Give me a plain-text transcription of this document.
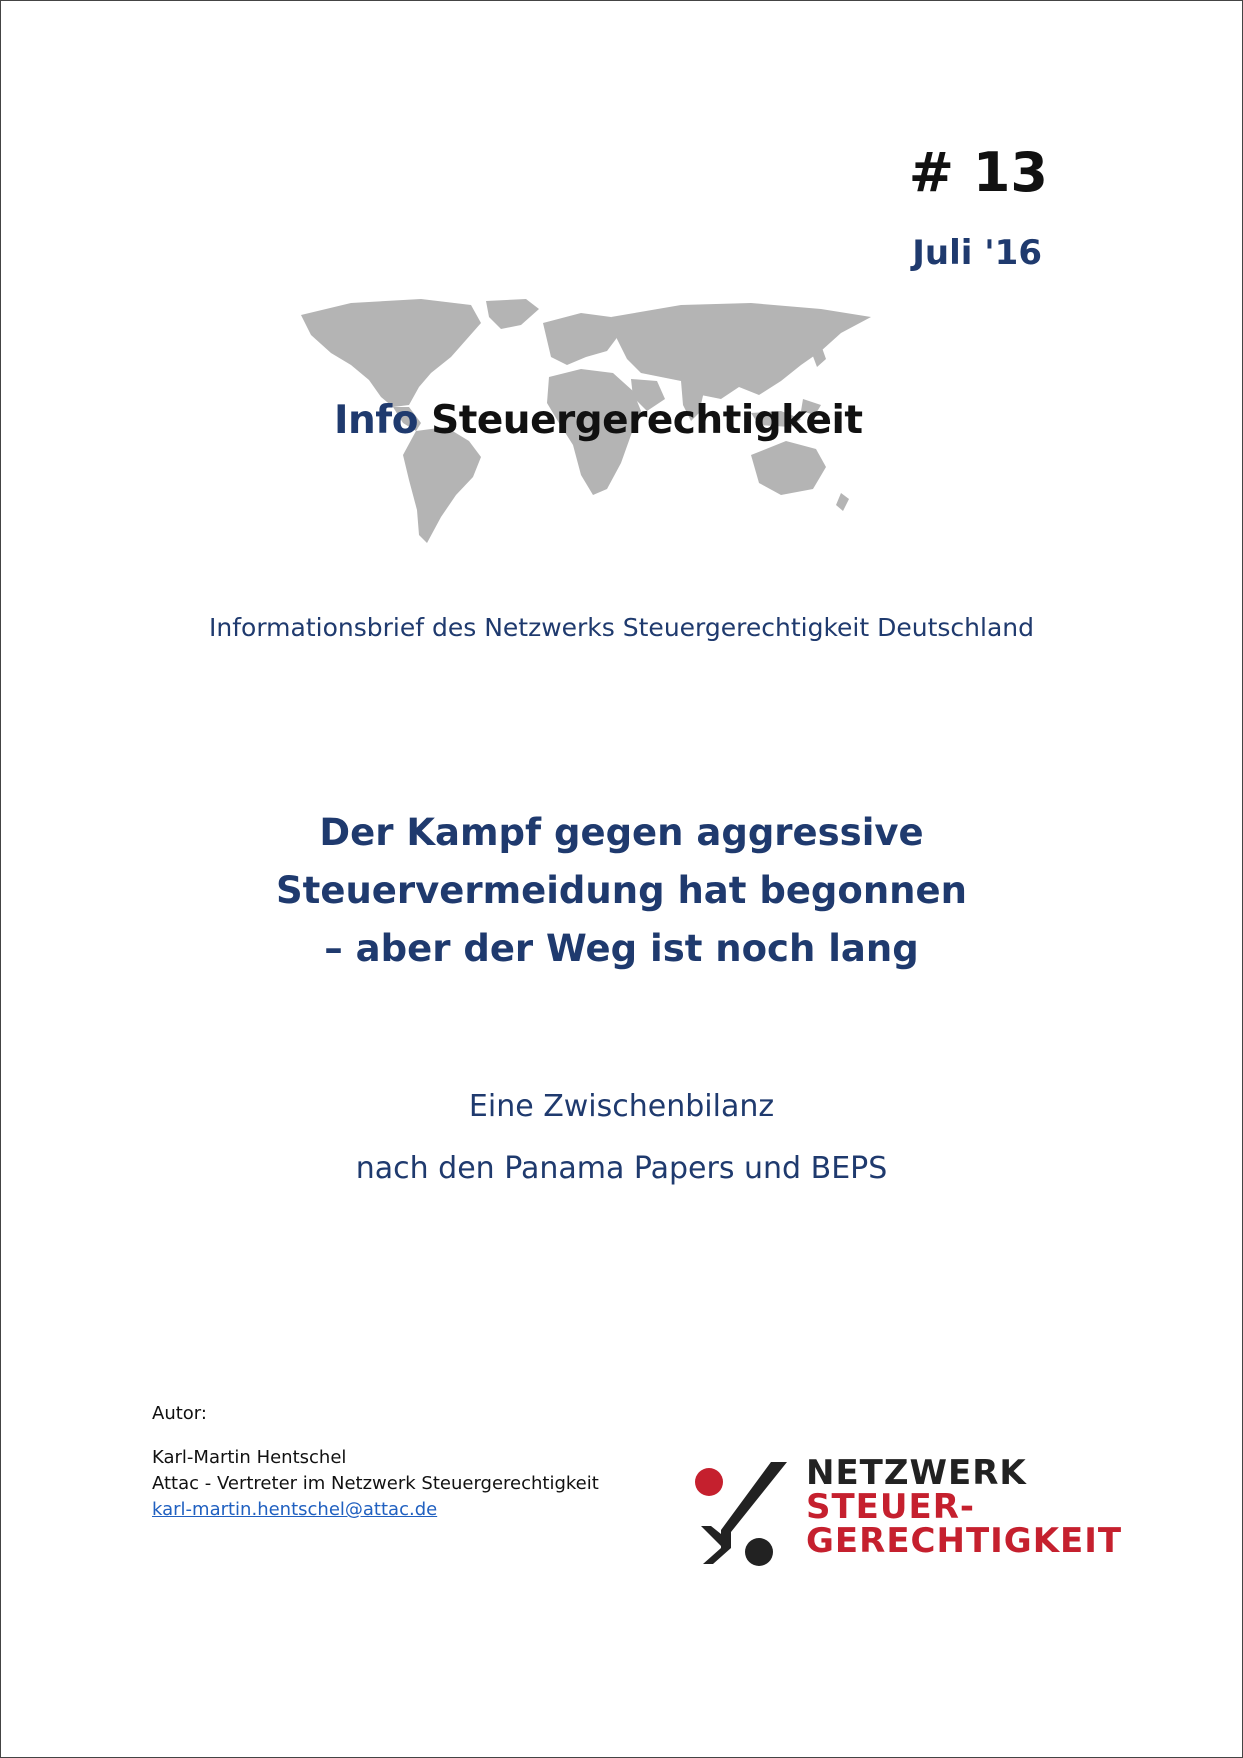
# 13
Juli '16
Info Steuergerechtigkeit
Informationsbrief des Netzwerks Steuergerechtigkeit Deutschland
Der Kampf gegen aggressive
Steuervermeidung hat begonnen
– aber der Weg ist noch lang
Eine Zwischenbilanz
nach den Panama Papers und BEPS
Autor:
Karl-Martin Hentschel
Attac - Vertreter im Netzwerk Steuergerechtigkeit
karl-martin.hentschel@attac.de
NETZWERK
STEUER-
GERECHTIGKEIT
